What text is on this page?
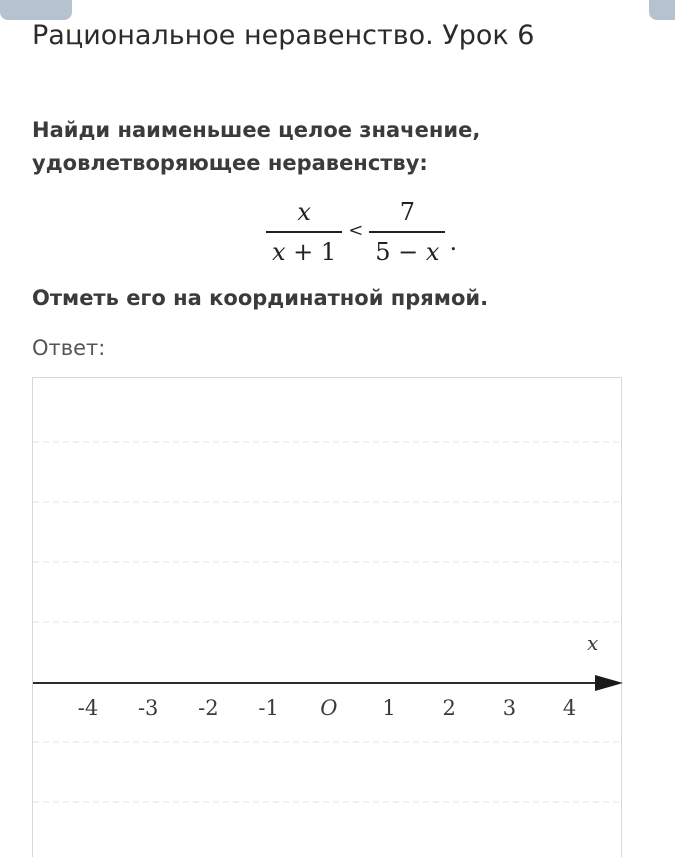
Рациональное неравенство. Урок 6
Найди наименьшее целое значение,
удовлетворяющее неравенству:
$\frac{x}{x + 1} < \frac{7}{5 - x}$ .
Отметь его на координатной прямой.
Ответ:
x
-4 -3 -2 -1 O 1 2 3 4
